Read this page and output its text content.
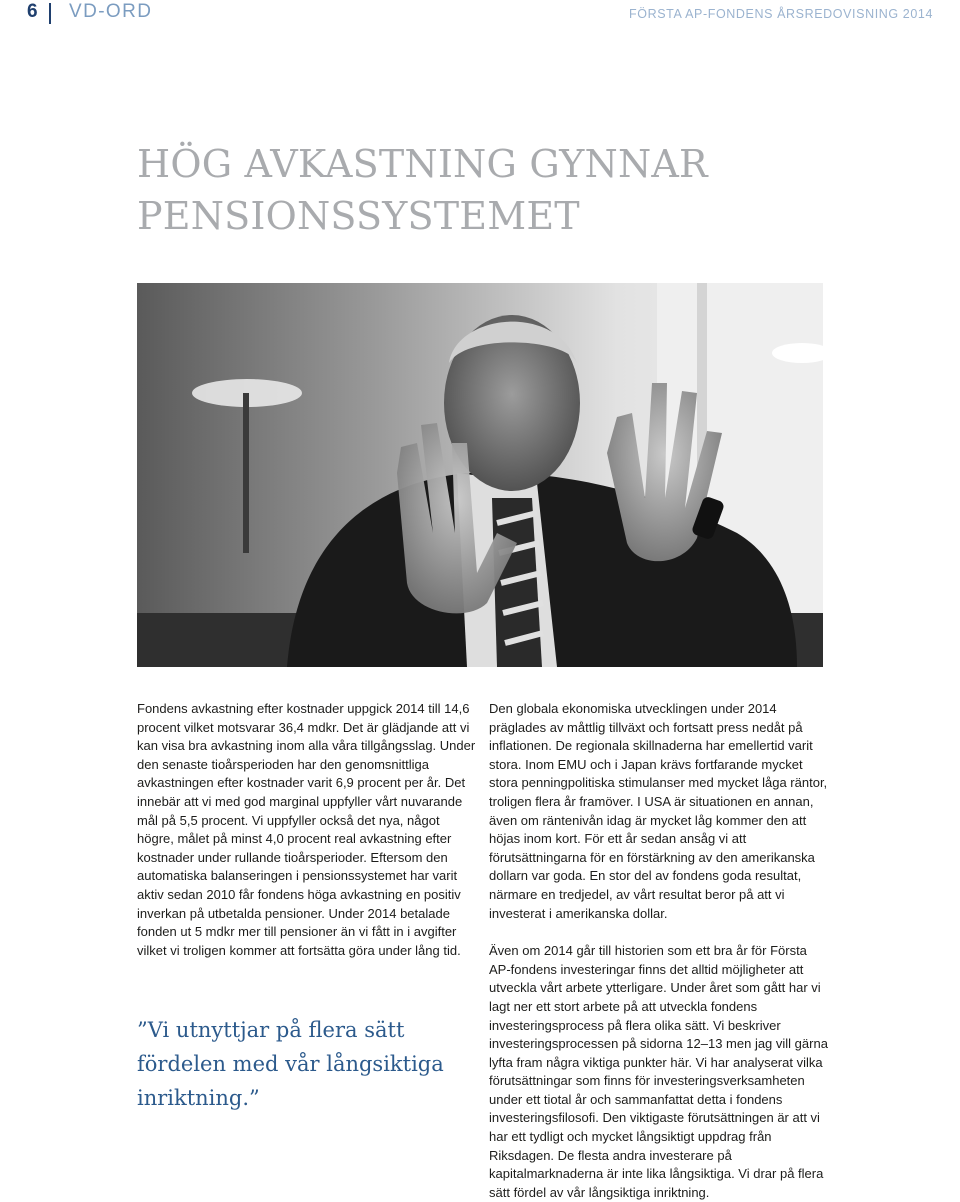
6 VD-ORD	FÖRSTA AP-FONDENS ÅRSREDOVISNING 2014
HÖG AVKASTNING GYNNAR
PENSIONSSYSTEMET

Fondens avkastning efter kostnader uppgick 2014 till 14,6 procent vilket motsvarar 36,4 mdkr. Det är glädjande att vi kan visa bra avkastning inom alla våra tillgångsslag. Under den senaste tioårsperioden har den genomsnittliga avkastningen efter kostnader varit 6,9 procent per år. Det innebär att vi med god marginal uppfyller vårt nuvarande mål på 5,5 procent. Vi uppfyller också det nya, något högre, målet på minst 4,0 procent real avkastning efter kostnader under rullande tioårsperioder. Eftersom den automatiska balanseringen i pensionssystemet har varit aktiv sedan 2010 får fondens höga avkastning en positiv inverkan på utbetalda pensioner. Under 2014 betalade fonden ut 5 mdkr mer till pensioner än vi fått in i avgifter vilket vi troligen kommer att fortsätta göra under lång tid.

”Vi utnyttjar på flera sätt fördelen med vår långsiktiga inriktning.”

Den globala ekonomiska utvecklingen under 2014 präglades av måttlig tillväxt och fortsatt press nedåt på inflationen. De regionala skillnaderna har emellertid varit stora. Inom EMU och i Japan krävs fortfarande mycket stora penningpolitiska stimulanser med mycket låga räntor, troligen flera år framöver. I USA är situationen en annan, även om räntenivån idag är mycket låg kommer den att höjas inom kort. För ett år sedan ansåg vi att förutsättningarna för en förstärkning av den amerikanska dollarn var goda. En stor del av fondens goda resultat, närmare en tredjedel, av vårt resultat beror på att vi investerat i amerikanska dollar.

Även om 2014 går till historien som ett bra år för Första AP-fondens investeringar finns det alltid möjligheter att utveckla vårt arbete ytterligare. Under året som gått har vi lagt ner ett stort arbete på att utveckla fondens investeringsprocess på flera olika sätt. Vi beskriver investeringsprocessen på sidorna 12–13 men jag vill gärna lyfta fram några viktiga punkter här. Vi har analyserat vilka förutsättningar som finns för investeringsverksamheten under ett tiotal år och sammanfattat detta i fondens investeringsfilosofi. Den viktigaste förutsättningen är att vi har ett tydligt och mycket långsiktigt uppdrag från Riksdagen. De flesta andra investerare på kapitalmarknaderna är inte lika långsiktiga. Vi drar på flera sätt fördel av vår långsiktiga inriktning.
